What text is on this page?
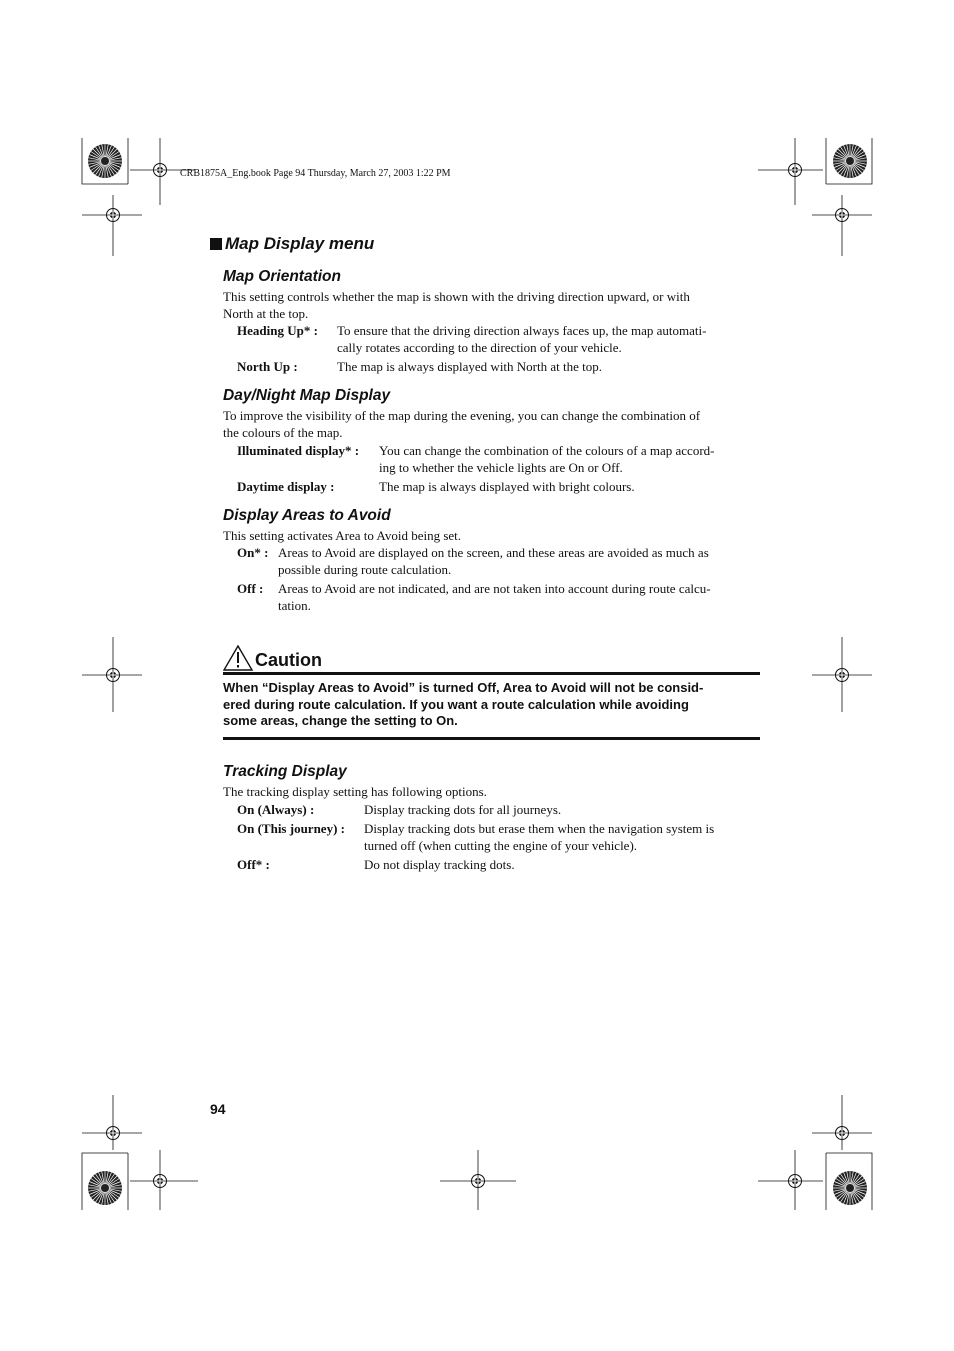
CRB1875A_Eng.book Page 94 Thursday, March 27, 2003 1:22 PM
Map Display menu
Map Orientation
This setting controls whether the map is shown with the driving direction upward, or with
North at the top.
Heading Up* :	To ensure that the driving direction always faces up, the map automati-
cally rotates according to the direction of your vehicle.
North Up :	The map is always displayed with North at the top.
Day/Night Map Display
To improve the visibility of the map during the evening, you can change the combination of
the colours of the map.
Illuminated display* :	You can change the combination of the colours of a map accord-
ing to whether the vehicle lights are On or Off.
Daytime display :	The map is always displayed with bright colours.
Display Areas to Avoid
This setting activates Area to Avoid being set.
On* : Areas to Avoid are displayed on the screen, and these areas are avoided as much as
possible during route calculation.
Off :	Areas to Avoid are not indicated, and are not taken into account during route calcu-
tation.
Caution
When “Display Areas to Avoid” is turned Off, Area to Avoid will not be consid-
ered during route calculation. If you want a route calculation while avoiding
some areas, change the setting to On.
Tracking Display
The tracking display setting has following options.
On (Always) :	Display tracking dots for all journeys.
On (This journey) :	Display tracking dots but erase them when the navigation system is
turned off (when cutting the engine of your vehicle).
Off* :	Do not display tracking dots.
94
